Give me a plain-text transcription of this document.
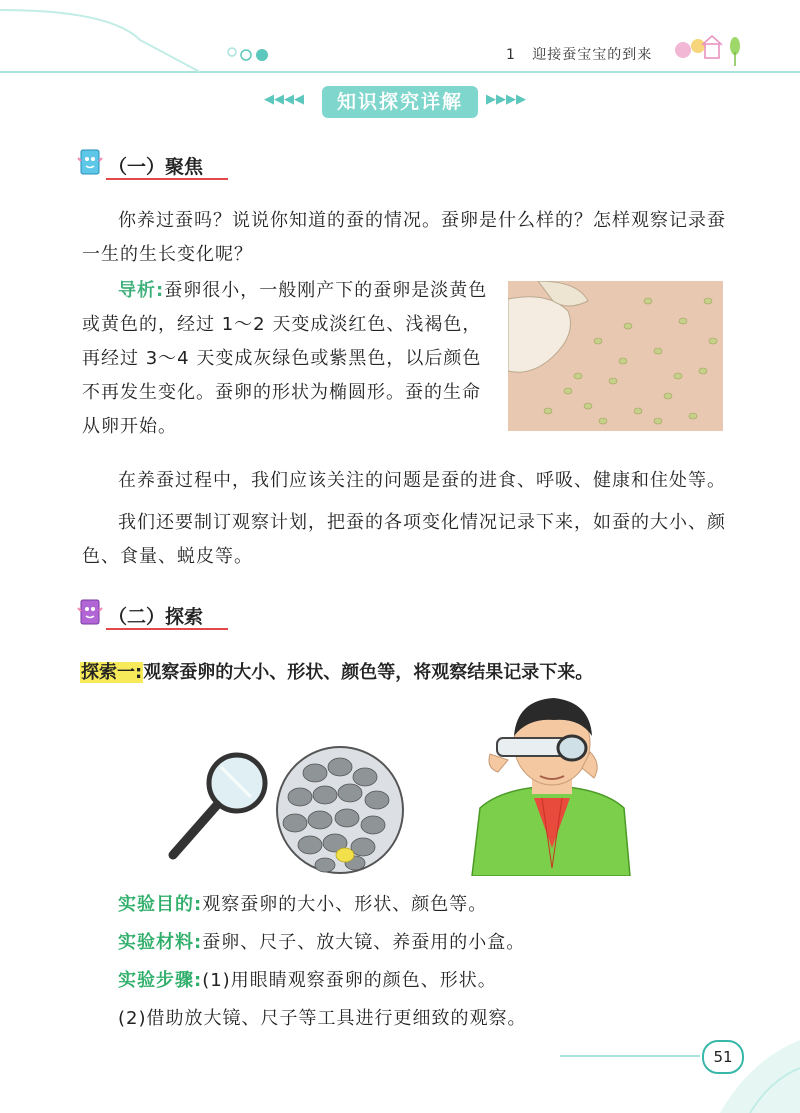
1 迎接蚕宝宝的到来
◀◀◀◀	知识探究详解	▶▶▶▶
（一）聚焦
你养过蚕吗？说说你知道的蚕的情况。蚕卵是什么样的？怎样观察记录蚕一生的生长变化呢？
导析:蚕卵很小，一般刚产下的蚕卵是淡黄色或黄色的，经过 1～2 天变成淡红色、浅褐色，再经过 3～4 天变成灰绿色或紫黑色，以后颜色不再发生变化。蚕卵的形状为椭圆形。蚕的生命从卵开始。
在养蚕过程中，我们应该关注的问题是蚕的进食、呼吸、健康和住处等。
我们还要制订观察计划，把蚕的各项变化情况记录下来，如蚕的大小、颜色、食量、蜕皮等。
（二）探索
探索一:观察蚕卵的大小、形状、颜色等，将观察结果记录下来。
实验目的:观察蚕卵的大小、形状、颜色等。
实验材料:蚕卵、尺子、放大镜、养蚕用的小盒。
实验步骤:(1)用眼睛观察蚕卵的颜色、形状。
(2)借助放大镜、尺子等工具进行更细致的观察。
51
